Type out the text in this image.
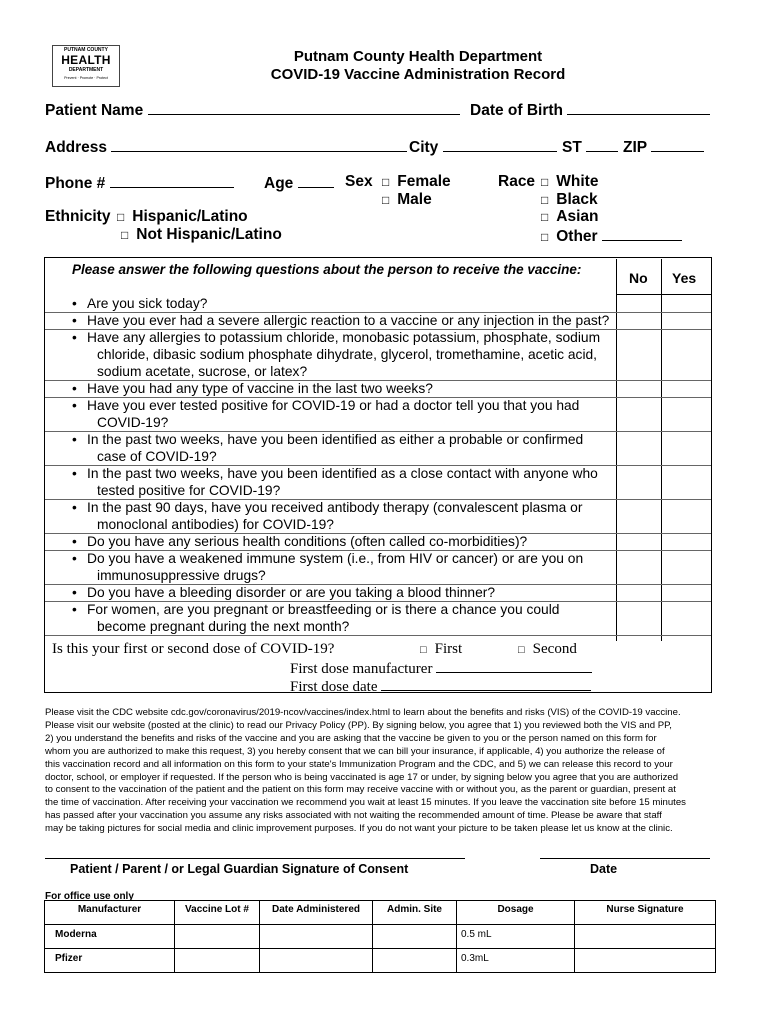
PUTNAM COUNTY
HEALTH
DEPARTMENT
Prevent · Promote · Protect
Putnam County Health Department
COVID-19 Vaccine Administration Record
Patient Name	Date of Birth
Address	City	ST	ZIP
Phone #	Age	Sex □ Female
□ Male
Race □ White
□ Black
□ Asian
□ Other
Ethnicity □ Hispanic/Latino
□ Not Hispanic/Latino
Please answer the following questions about the person to receive the vaccine:
No Yes
• Are you sick today?
• Have you ever had a severe allergic reaction to a vaccine or any injection in the past?
• Have any allergies to potassium chloride, monobasic potassium, phosphate, sodium
chloride, dibasic sodium phosphate dihydrate, glycerol, tromethamine, acetic acid,
sodium acetate, sucrose, or latex?
• Have you had any type of vaccine in the last two weeks?
• Have you ever tested positive for COVID-19 or had a doctor tell you that you had
COVID-19?
• In the past two weeks, have you been identified as either a probable or confirmed
case of COVID-19?
• In the past two weeks, have you been identified as a close contact with anyone who
tested positive for COVID-19?
• In the past 90 days, have you received antibody therapy (convalescent plasma or
monoclonal antibodies) for COVID-19?
• Do you have any serious health conditions (often called co-morbidities)?
• Do you have a weakened immune system (i.e., from HIV or cancer) or are you on
immunosuppressive drugs?
• Do you have a bleeding disorder or are you taking a blood thinner?
• For women, are you pregnant or breastfeeding or is there a chance you could
become pregnant during the next month?
Is this your first or second dose of COVID-19?	□ First	□ Second
First dose manufacturer
First dose date

Please visit the CDC website cdc.gov/coronavirus/2019-ncov/vaccines/index.html to learn about the benefits and risks (VIS) of the COVID-19 vaccine.

Please visit our website (posted at the clinic) to read our Privacy Policy (PP). By signing below, you agree that 1) you reviewed both the VIS and PP,

2) you understand the benefits and risks of the vaccine and you are asking that the vaccine be given to you or the person named on this form for

whom you are authorized to make this request, 3) you hereby consent that we can bill your insurance, if applicable, 4) you authorize the release of

this vaccination record and all information on this form to your state's Immunization Program and the CDC, and 5) we can release this record to your

doctor, school, or employer if requested. If the person who is being vaccinated is age 17 or under, by signing below you agree that you are authorized

to consent to the vaccination of the patient and the patient on this form may receive vaccine with or without you, as the parent or guardian, present at

the time of vaccination. After receiving your vaccination we recommend you wait at least 15 minutes. If you leave the vaccination site before 15 minutes

has passed after your vaccination you assume any risks associated with not waiting the recommended amount of time. Please be aware that staff

may be taking pictures for social media and clinic improvement purposes. If you do not want your picture to be taken please let us know at the clinic.

Patient / Parent / or Legal Guardian Signature of Consent	Date
For office use only
Manufacturer	Vaccine Lot #	Date Administered	Admin. Site	Dosage	Nurse Signature

Moderna				0.5 mL	

Pfizer				0.3mL	
